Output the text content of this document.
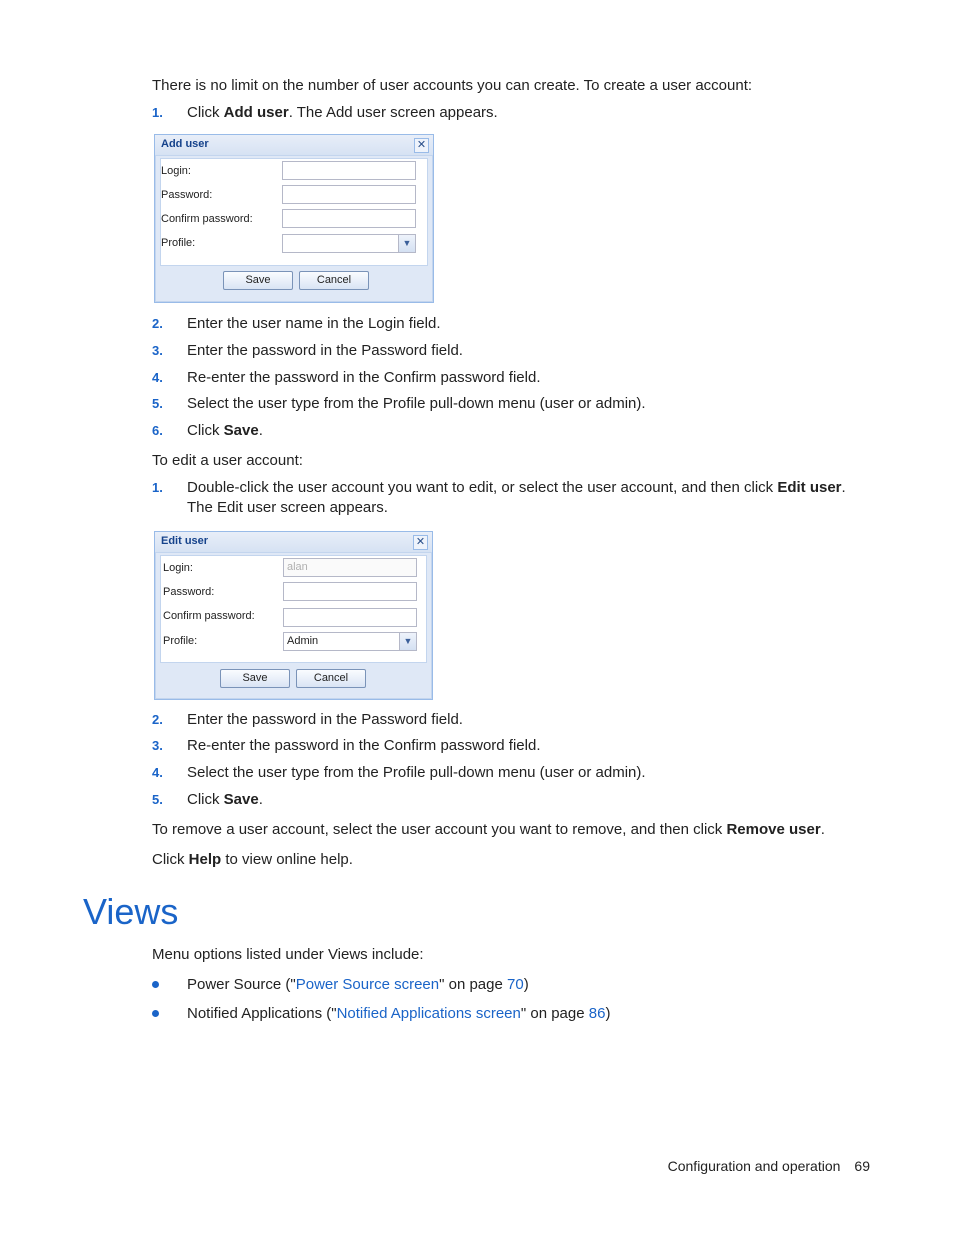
There is no limit on the number of user accounts you can create. To create a user account:
1. Click Add user. The Add user screen appears.
Add user	✕
Login:
Password:
Confirm password:
Profile:	▼
Save	Cancel
2. Enter the user name in the Login field.
3. Enter the password in the Password field.
4. Re-enter the password in the Confirm password field.
5. Select the user type from the Profile pull-down menu (user or admin).
6. Click Save.
To edit a user account:
1. Double-click the user account you want to edit, or select the user account, and then click Edit user. The Edit user screen appears.
Edit user	✕
Login:	alan
Password:
Confirm password:
Profile:	Admin	▼
Save	Cancel
2. Enter the password in the Password field.
3. Re-enter the password in the Confirm password field.
4. Select the user type from the Profile pull-down menu (user or admin).
5. Click Save.
To remove a user account, select the user account you want to remove, and then click Remove user.
Click Help to view online help.
Views
Menu options listed under Views include:
Power Source ("Power Source screen" on page 70)
Notified Applications ("Notified Applications screen" on page 86)
Configuration and operation 69
